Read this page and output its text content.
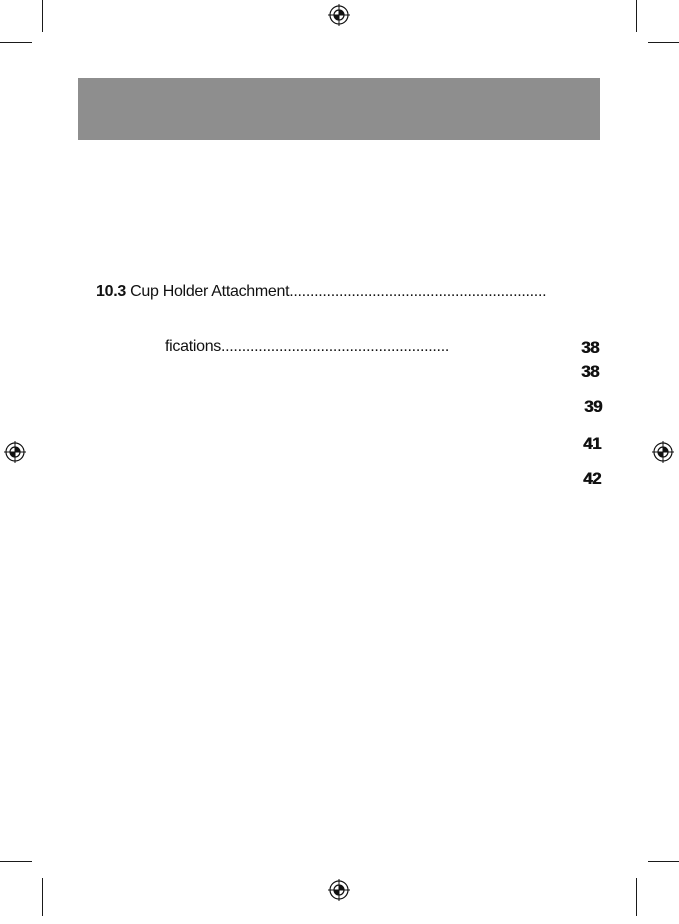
10.3 Cup Holder Attachment..............................................................
fications.......................................................	38
38
39
41
42
